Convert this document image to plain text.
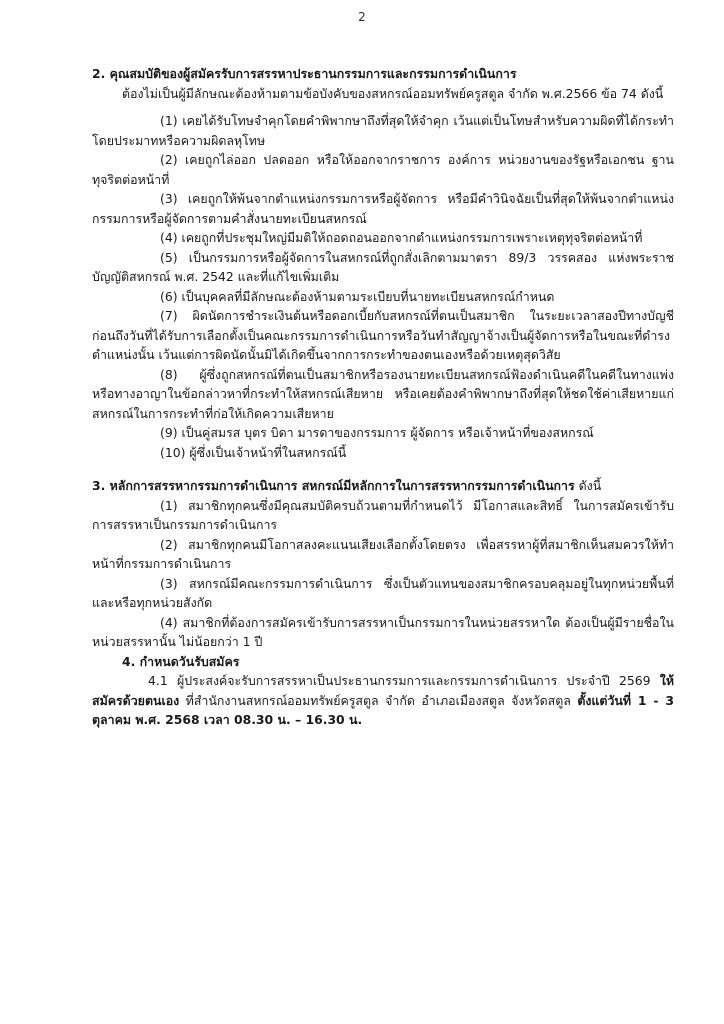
2

2. คุณสมบัติของผู้สมัครรับการสรรหาประธานกรรมการและกรรมการดำเนินการ

ต้องไม่เป็นผู้มีลักษณะต้องห้ามตามข้อบังคับของสหกรณ์ออมทรัพย์ครูสตูล จำกัด พ.ศ.2566 ข้อ 74 ดังนี้

(1) เคยได้รับโทษจำคุกโดยคำพิพากษาถึงที่สุดให้จำคุก เว้นแต่เป็นโทษสำหรับความผิดที่ได้กระทำโดยประมาทหรือความผิดลหุโทษ

(2) เคยถูกไล่ออก ปลดออก หรือให้ออกจากราชการ องค์การ หน่วยงานของรัฐหรือเอกชน ฐานทุจริตต่อหน้าที่

(3) เคยถูกให้พ้นจากตำแหน่งกรรมการหรือผู้จัดการ หรือมีคำวินิจฉัยเป็นที่สุดให้พ้นจากตำแหน่งกรรมการหรือผู้จัดการตามคำสั่งนายทะเบียนสหกรณ์

(4) เคยถูกที่ประชุมใหญ่มีมติให้ถอดถอนออกจากตำแหน่งกรรมการเพราะเหตุทุจริตต่อหน้าที่

(5) เป็นกรรมการหรือผู้จัดการในสหกรณ์ที่ถูกสั่งเลิกตามมาตรา 89/3 วรรคสอง แห่งพระราชบัญญัติสหกรณ์ พ.ศ. 2542 และที่แก้ไขเพิ่มเติม

(6) เป็นบุคคลที่มีลักษณะต้องห้ามตามระเบียบที่นายทะเบียนสหกรณ์กำหนด

(7) ผิดนัดการชำระเงินต้นหรือดอกเบี้ยกับสหกรณ์ที่ตนเป็นสมาชิก ในระยะเวลาสองปีทางบัญชีก่อนถึงวันที่ได้รับการเลือกตั้งเป็นคณะกรรมการดำเนินการหรือวันทำสัญญาจ้างเป็นผู้จัดการหรือในขณะที่ดำรงตำแหน่งนั้น เว้นแต่การผิดนัดนั้นมิได้เกิดขึ้นจากการกระทำของตนเองหรือด้วยเหตุสุดวิสัย

(8) ผู้ซึ่งถูกสหกรณ์ที่ตนเป็นสมาชิกหรือรองนายทะเบียนสหกรณ์ฟ้องดำเนินคดีในคดีในทางแพ่งหรือทางอาญาในข้อกล่าวหาที่กระทำให้สหกรณ์เสียหาย หรือเคยต้องคำพิพากษาถึงที่สุดให้ชดใช้ค่าเสียหายแก่สหกรณ์ในการกระทำที่ก่อให้เกิดความเสียหาย

(9) เป็นคู่สมรส บุตร บิดา มารดาของกรรมการ ผู้จัดการ หรือเจ้าหน้าที่ของสหกรณ์

(10) ผู้ซึ่งเป็นเจ้าหน้าที่ในสหกรณ์นี้

3. หลักการสรรหากรรมการดำเนินการ สหกรณ์มีหลักการในการสรรหากรรมการดำเนินการ ดังนี้

(1) สมาชิกทุกคนซึ่งมีคุณสมบัติครบถ้วนตามที่กำหนดไว้ มีโอกาสและสิทธิ์ ในการสมัครเข้ารับการสรรหาเป็นกรรมการดำเนินการ

(2) สมาชิกทุกคนมีโอกาสลงคะแนนเสียงเลือกตั้งโดยตรง เพื่อสรรหาผู้ที่สมาชิกเห็นสมควรให้ทำหน้าที่กรรมการดำเนินการ

(3) สหกรณ์มีคณะกรรมการดำเนินการ ซึ่งเป็นตัวแทนของสมาชิกครอบคลุมอยู่ในทุกหน่วยพื้นที่ และหรือทุกหน่วยสังกัด

(4) สมาชิกที่ต้องการสมัครเข้ารับการสรรหาเป็นกรรมการในหน่วยสรรหาใด ต้องเป็นผู้มีรายชื่อในหน่วยสรรหานั้น ไม่น้อยกว่า 1 ปี

4. กำหนดวันรับสมัคร

4.1 ผู้ประสงค์จะรับการสรรหาเป็นประธานกรรมการและกรรมการดำเนินการ ประจำปี 2569 ให้สมัครด้วยตนเอง ที่สำนักงานสหกรณ์ออมทรัพย์ครูสตูล จำกัด อำเภอเมืองสตูล จังหวัดสตูล ตั้งแต่วันที่ 1 - 3 ตุลาคม พ.ศ. 2568 เวลา 08.30 น. – 16.30 น.
